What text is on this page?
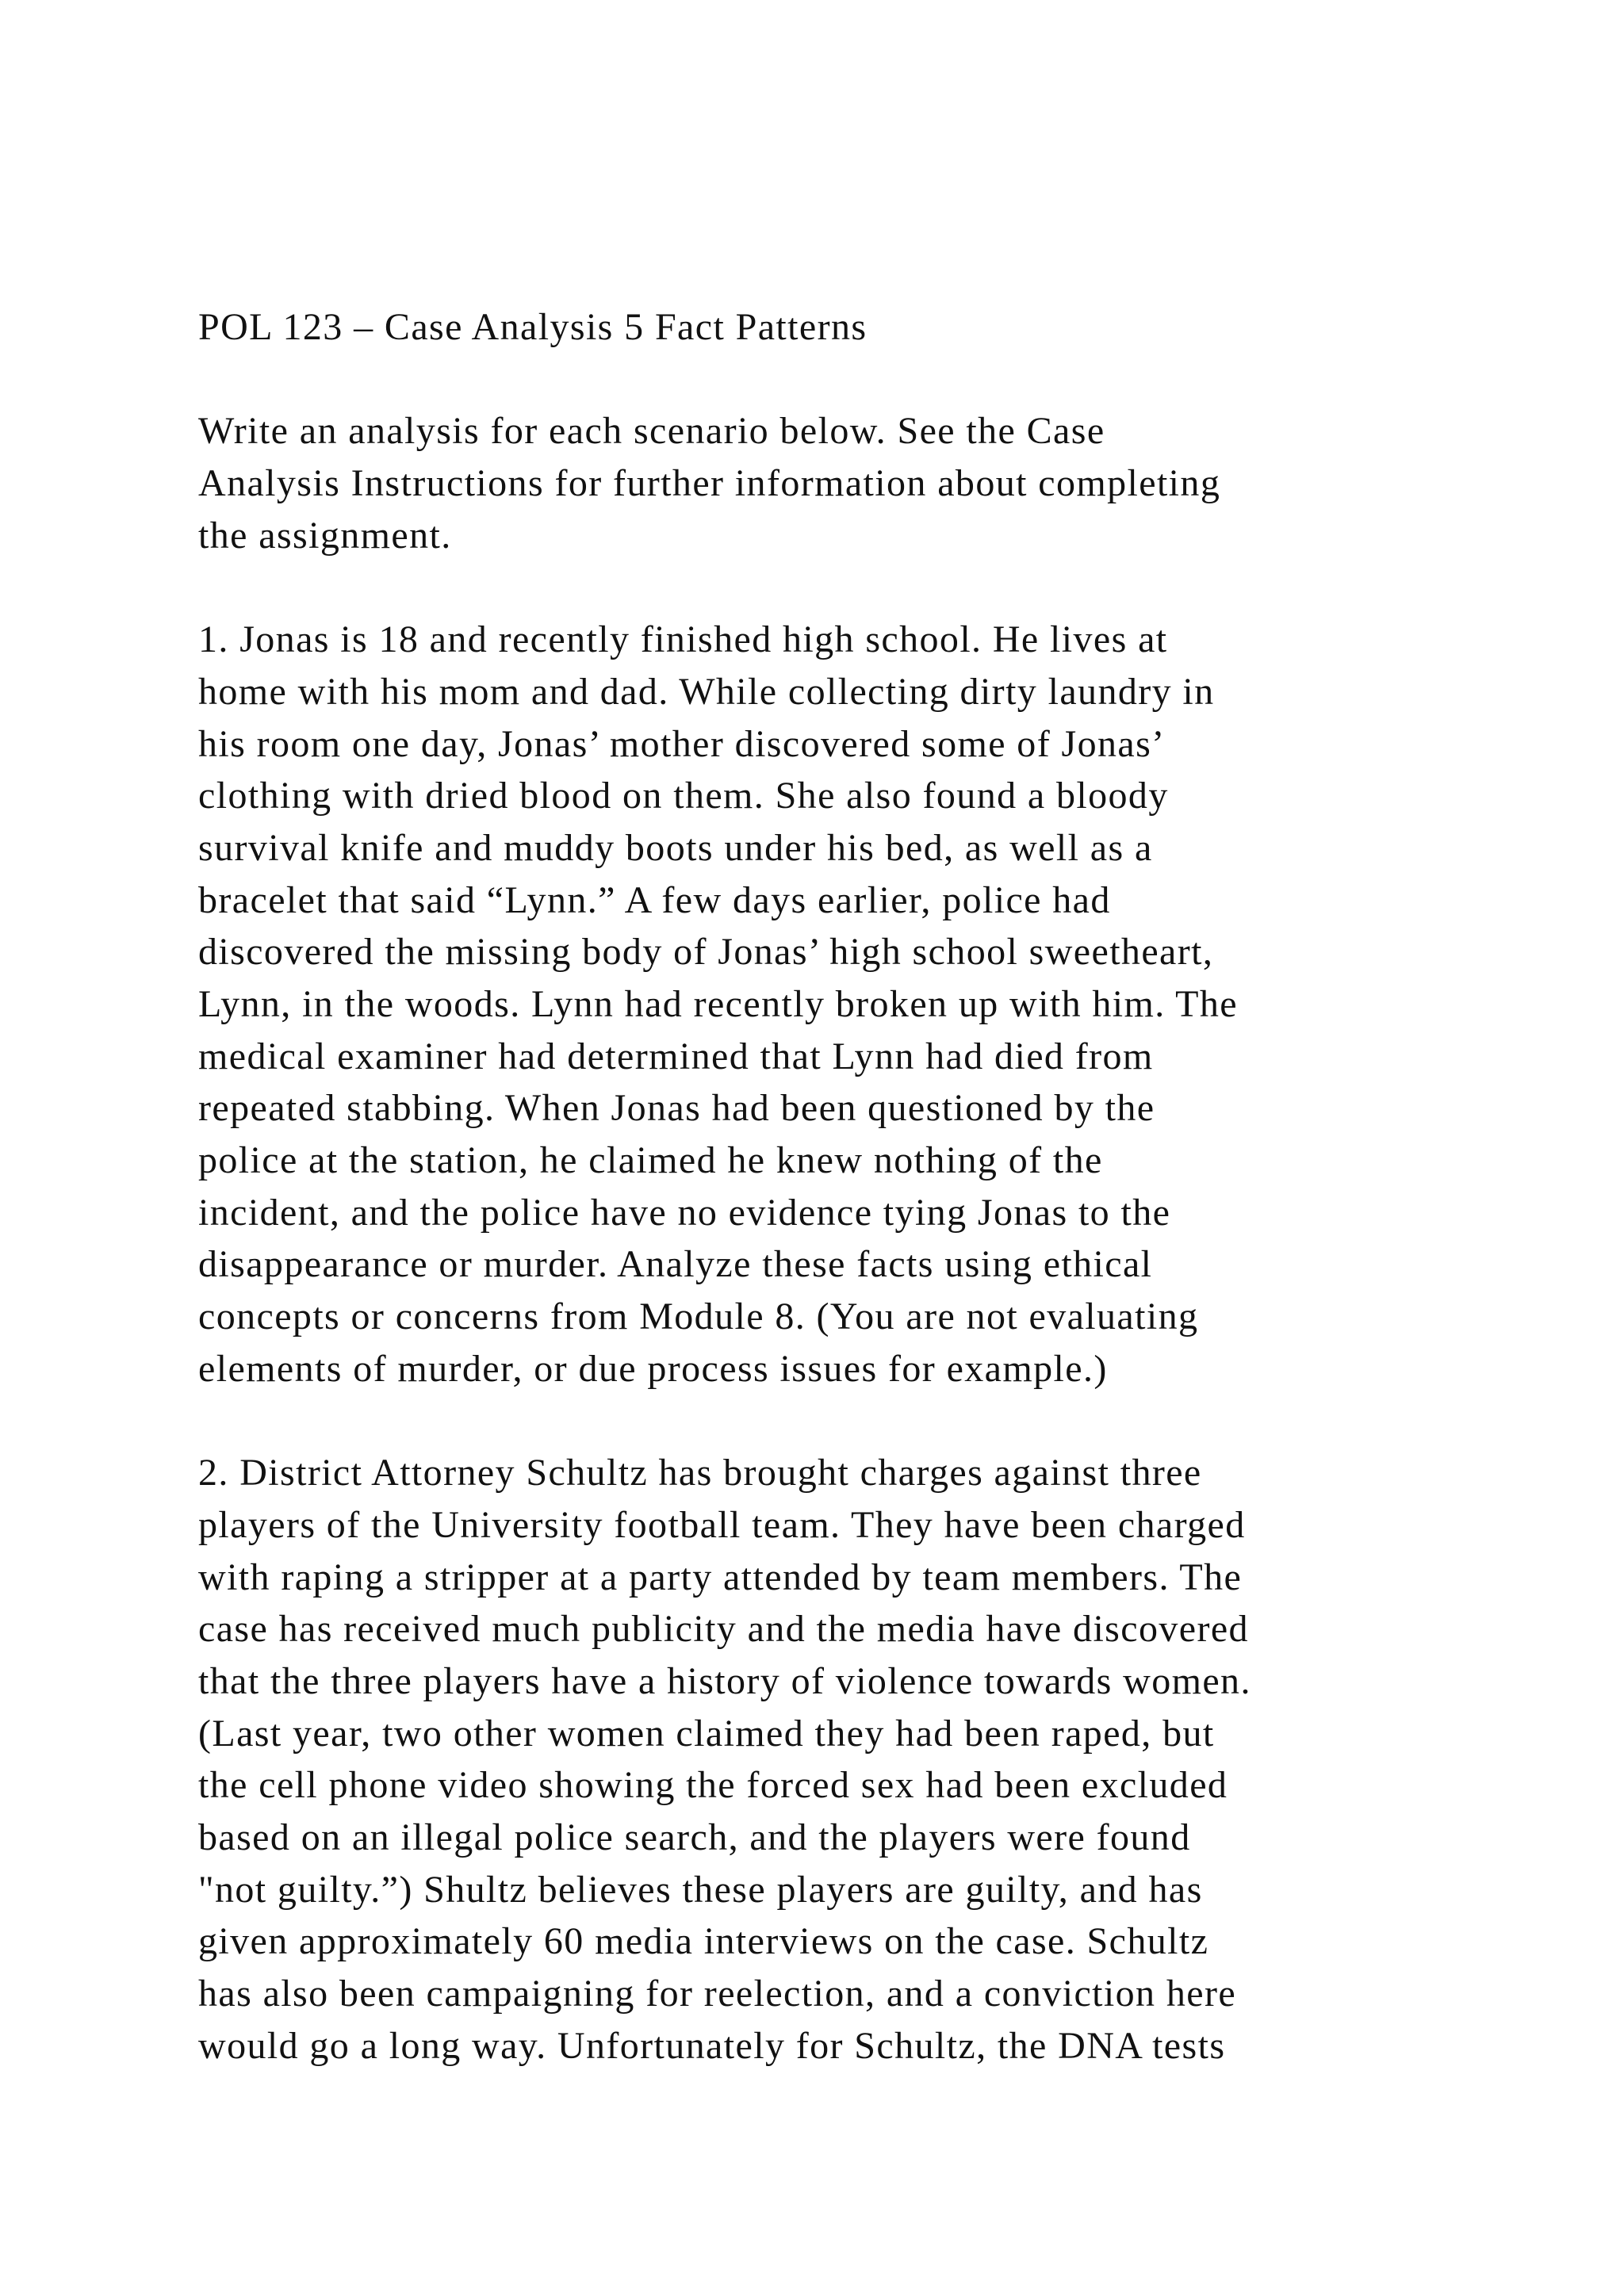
POL 123 – Case Analysis 5 Fact Patterns
Write an analysis for each scenario below. See the Case
Analysis Instructions for further information about completing
the assignment.
1. Jonas is 18 and recently finished high school. He lives at
home with his mom and dad. While collecting dirty laundry in
his room one day, Jonas’ mother discovered some of Jonas’
clothing with dried blood on them. She also found a bloody
survival knife and muddy boots under his bed, as well as a
bracelet that said “Lynn.” A few days earlier, police had
discovered the missing body of Jonas’ high school sweetheart,
Lynn, in the woods. Lynn had recently broken up with him. The
medical examiner had determined that Lynn had died from
repeated stabbing. When Jonas had been questioned by the
police at the station, he claimed he knew nothing of the
incident, and the police have no evidence tying Jonas to the
disappearance or murder. Analyze these facts using ethical
concepts or concerns from Module 8. (You are not evaluating
elements of murder, or due process issues for example.)
2. District Attorney Schultz has brought charges against three
players of the University football team. They have been charged
with raping a stripper at a party attended by team members. The
case has received much publicity and the media have discovered
that the three players have a history of violence towards women.
(Last year, two other women claimed they had been raped, but
the cell phone video showing the forced sex had been excluded
based on an illegal police search, and the players were found
"not guilty.”) Shultz believes these players are guilty, and has
given approximately 60 media interviews on the case. Schultz
has also been campaigning for reelection, and a conviction here
would go a long way. Unfortunately for Schultz, the DNA tests
